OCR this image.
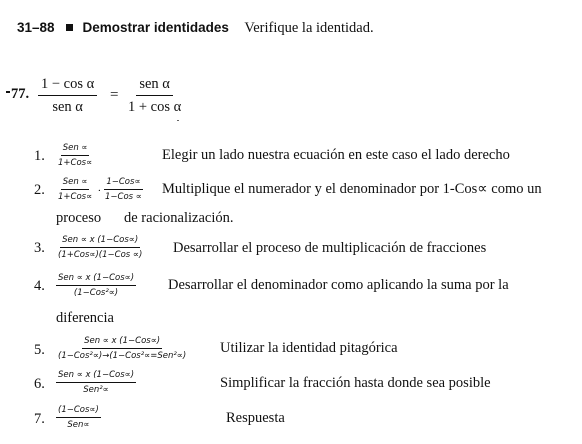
31–88 Demostrar identidades Verifique la identidad.
77.
1 − cos α
sen α
=
sen α
1 + cos α
1. Sen ∝
1+Cos∝	Elegir un lado nuestra ecuación en este caso el lado derecho
2. Sen ∝
1+Cos∝
. 1−Cos∝
1−Cos ∝ Multiplique el numerador y el denominador por 1-Cos∝ como un
proceso de racionalización.
3. Sen ∝ x (1−Cos∝)
(1+Cos∝)(1−Cos ∝) Desarrollar el proceso de multiplicación de fracciones
4. Sen ∝ x (1−Cos∝)
(1−Cos²∝)	Desarrollar el denominador como aplicando la suma por la
diferencia
5.
Sen ∝ x (1−Cos∝)
(1−Cos²∝)→(1−Cos²∝=Sen²∝) Utilizar la identidad pitagórica
6.
Sen ∝ x (1−Cos∝)
Sen²∝	Simplificar la fracción hasta donde sea posible
7.
(1−Cos∝)
Sen∝	Respuesta
